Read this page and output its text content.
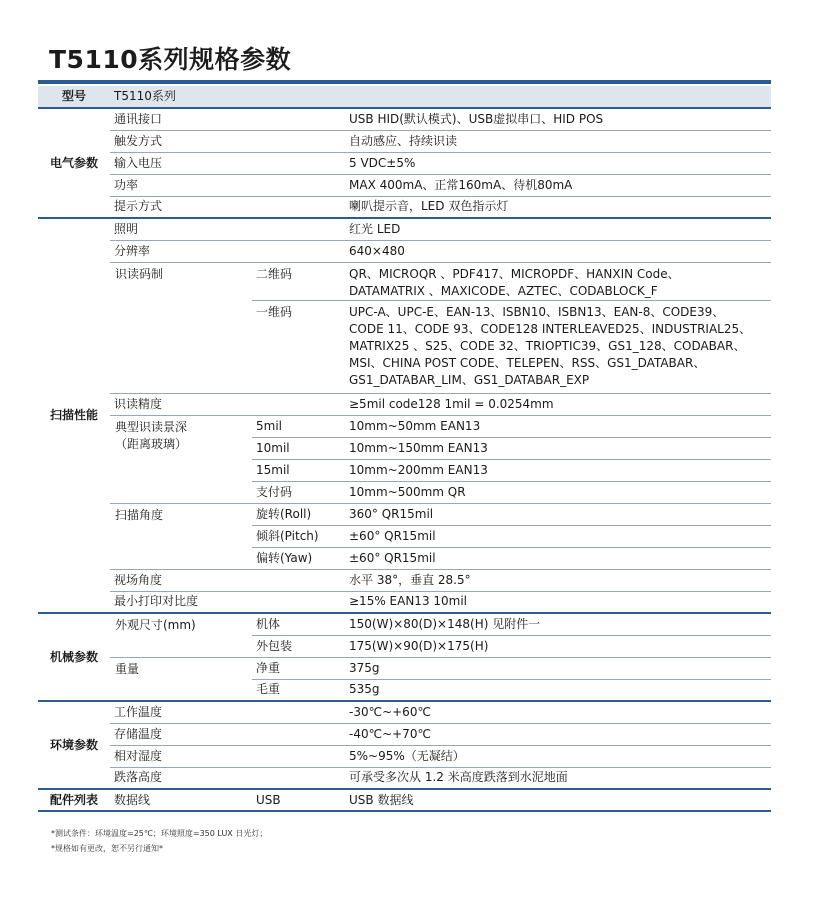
T5110系列规格参数
型号	T5110系列		
电气参数	通讯接口		USB HID(默认模式)、USB虚拟串口、HID POS
	触发方式		自动感应、持续识读
	输入电压		5 VDC±5%
	功率		MAX 400mA、正常160mA、待机80mA
	提示方式		喇叭提示音，LED 双色指示灯
扫描性能	照明		红光 LED
	分辨率		640×480
	识读码制	二维码	QR、MICROQR 、PDF417、MICROPDF、HANXIN Code、
DATAMATRIX 、MAXICODE、AZTEC、CODABLOCK_F

		一维码	UPC-A、UPC-E、EAN-13、ISBN10、ISBN13、EAN-8、CODE39、
CODE 11、CODE 93、CODE128 INTERLEAVED25、INDUSTRIAL25、
MATRIX25 、S25、CODE 32、TRIOPTIC39、GS1_128、CODABAR、
MSI、CHINA POST CODE、TELEPEN、RSS、GS1_DATABAR、
GS1_DATABAR_LIM、GS1_DATABAR_EXP

	识读精度		≥5mil code128 1mil = 0.0254mm

	典型识读景深
（距离玻璃）	5mil	10mm~50mm EAN13
		10mil	10mm~150mm EAN13
		15mil	10mm~200mm EAN13
		支付码	10mm~500mm QR
	扫描角度	旋转(Roll)	360° QR15mil
		倾斜(Pitch)	±60° QR15mil
		偏转(Yaw)	±60° QR15mil
	视场角度		水平 38°，垂直 28.5°
	最小打印对比度		≥15% EAN13 10mil
机械参数	外观尺寸(mm)	机体	150(W)×80(D)×148(H) 见附件一
		外包装	175(W)×90(D)×175(H)
	重量	净重	375g
		毛重	535g
环境参数	工作温度		-30℃~+60℃
	存储温度		-40℃~+70℃
	相对湿度		5%~95%（无凝结）
	跌落高度		可承受多次从 1.2 米高度跌落到水泥地面
配件列表	数据线	USB	USB 数据线
*测试条件：环境温度=25℃；环境照度=350 LUX 日光灯；
*规格如有更改，恕不另行通知*
